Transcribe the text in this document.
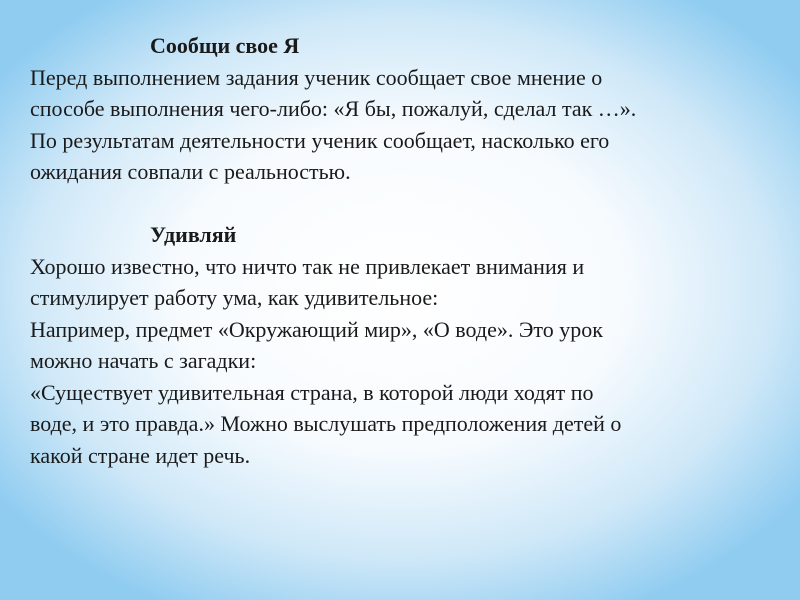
Сообщи свое Я
Перед выполнением задания ученик сообщает свое мнение о
способе выполнения чего-либо: «Я бы, пожалуй, сделал так …».
По результатам деятельности ученик сообщает, насколько его
ожидания совпали с реальностью.
Удивляй
Хорошо известно, что ничто так не привлекает внимания и
стимулирует работу ума, как удивительное:
Например, предмет «Окружающий мир», «О воде». Это урок
можно начать с загадки:
«Существует удивительная страна, в которой люди ходят по
воде, и это правда.» Можно выслушать предположения детей о
какой стране идет речь.
